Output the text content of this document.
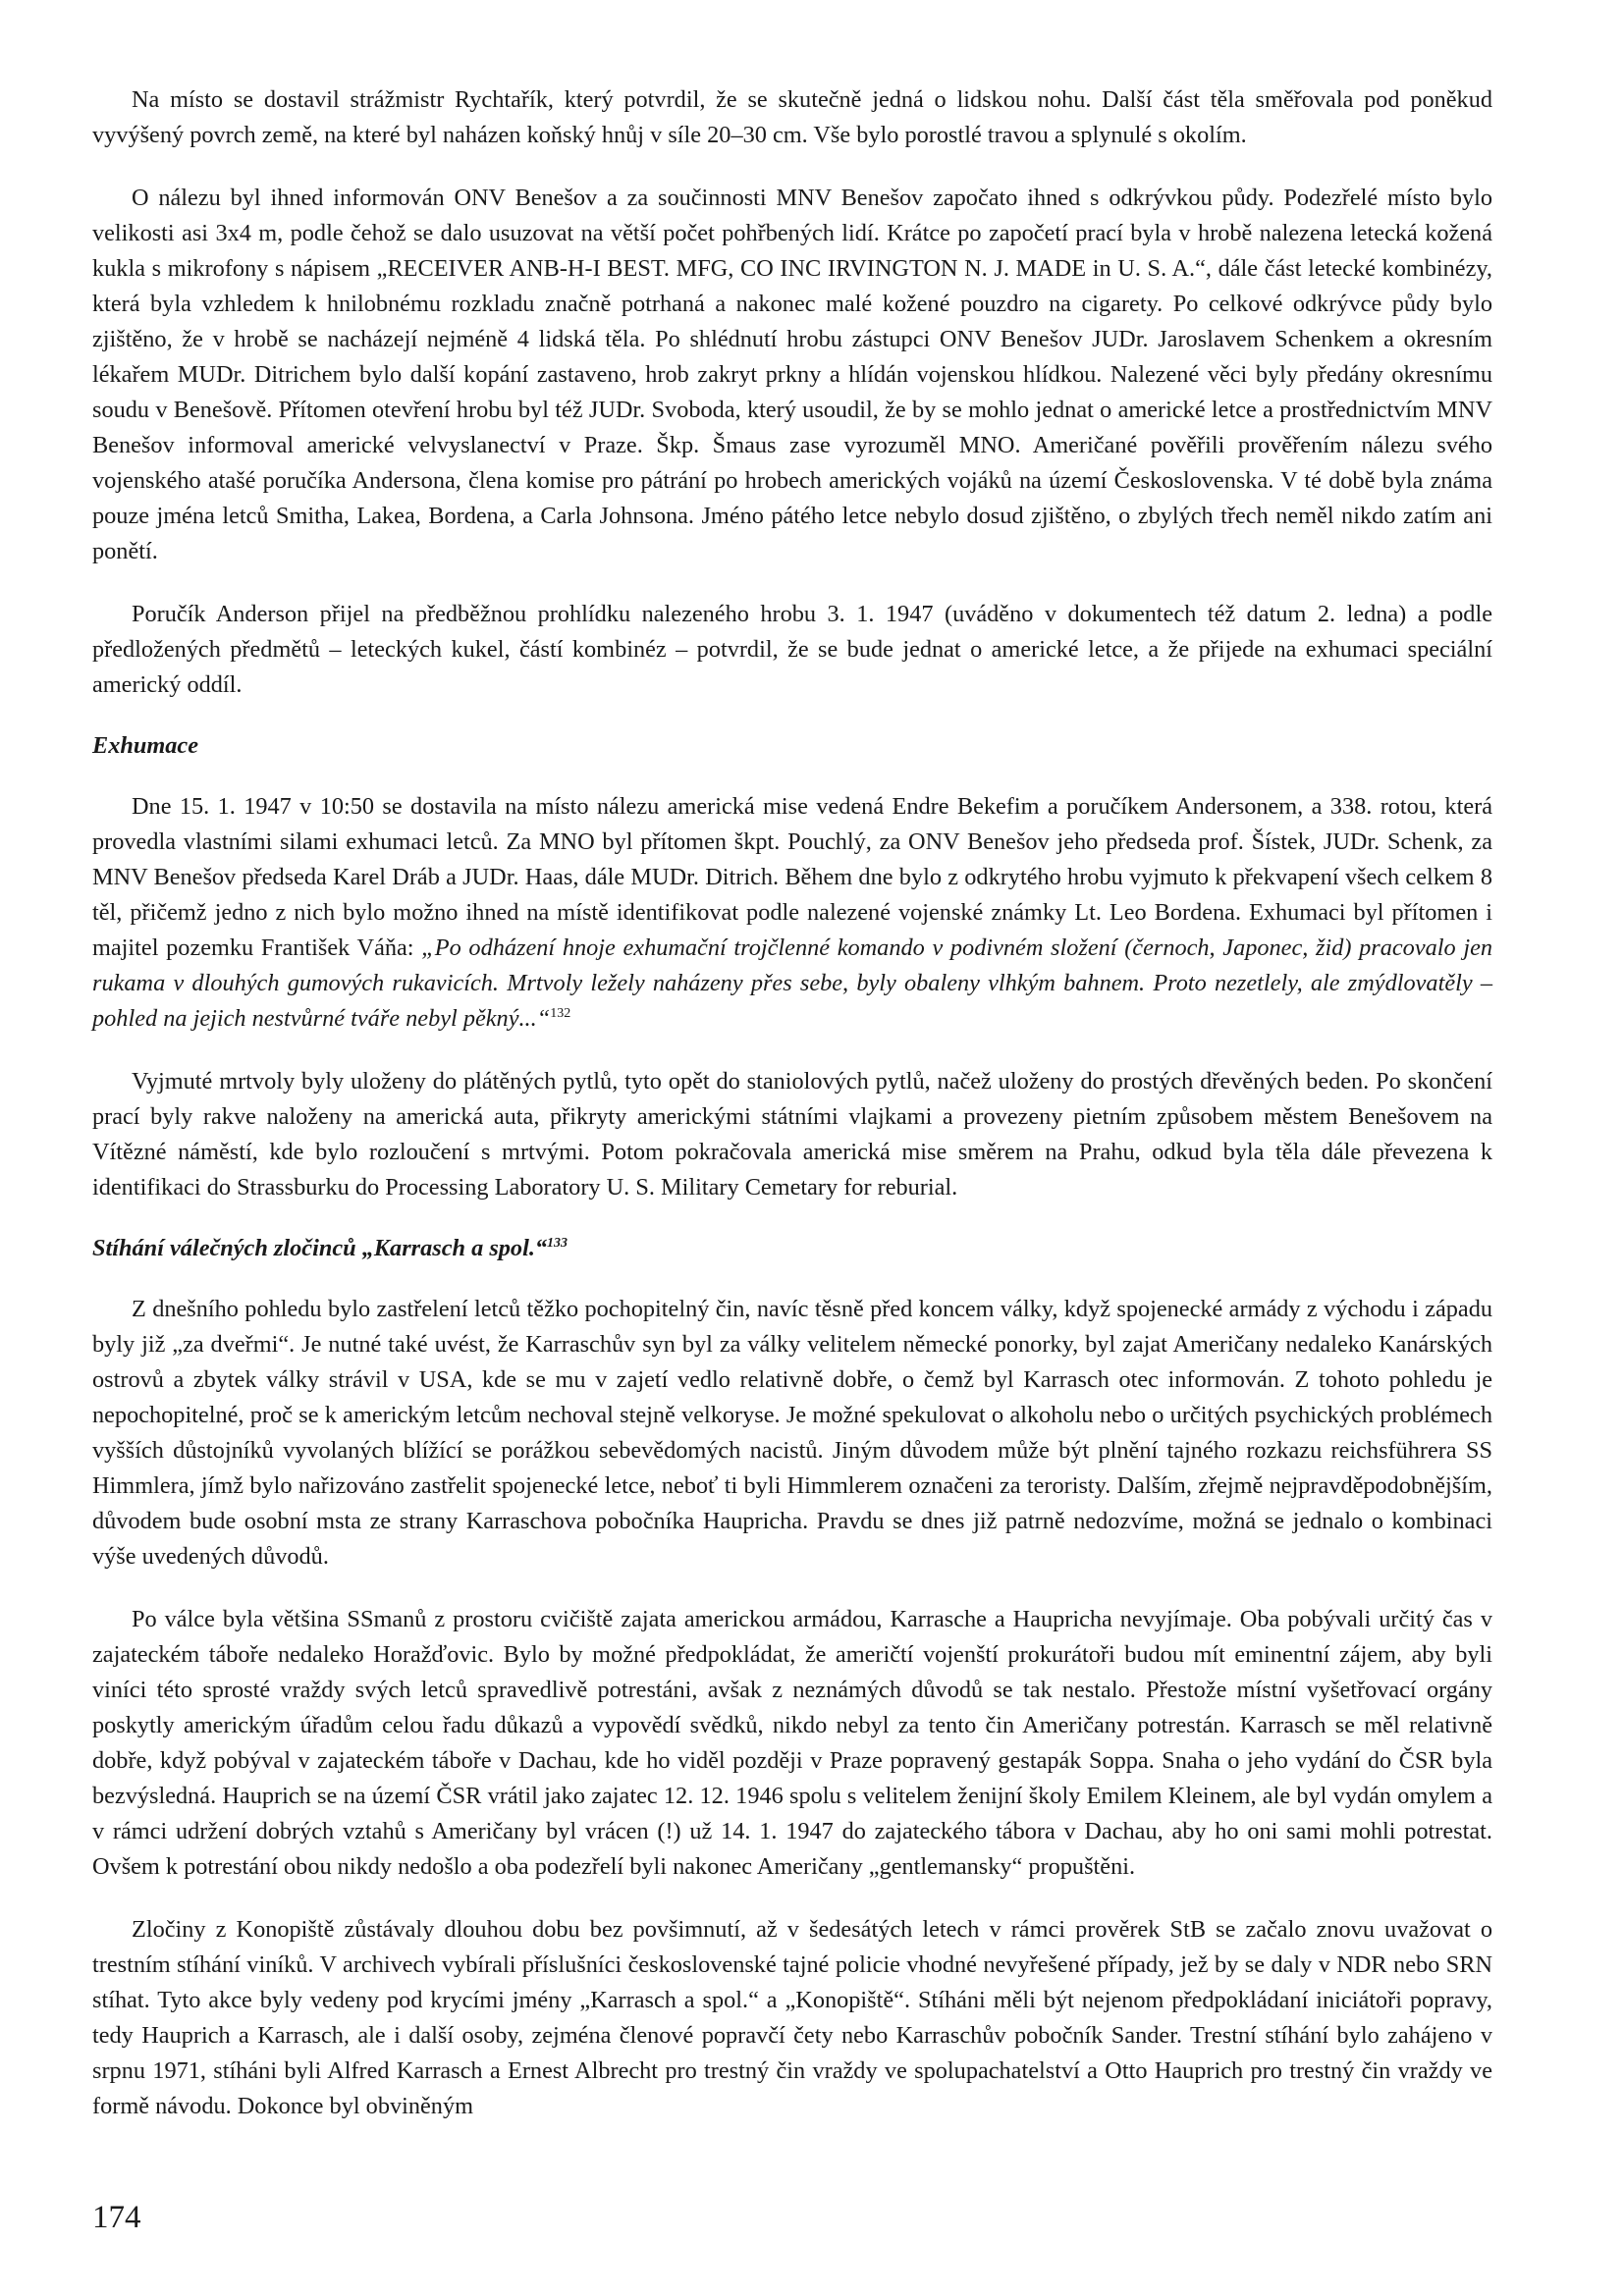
Na místo se dostavil strážmistr Rychtařík, který potvrdil, že se skutečně jedná o lidskou nohu. Další část těla směřovala pod poněkud vyvýšený povrch země, na které byl naházen koňský hnůj v síle 20–30 cm. Vše bylo porostlé travou a splynulé s okolím.

O nálezu byl ihned informován ONV Benešov a za součinnosti MNV Benešov započato ihned s odkrývkou půdy. Podezřelé místo bylo velikosti asi 3x4 m, podle čehož se dalo usuzovat na větší počet pohřbených lidí. Krátce po započetí prací byla v hrobě nalezena letecká kožená kukla s mikrofony s nápisem „RECEIVER ANB-H-I BEST. MFG, CO INC IRVINGTON N. J. MADE in U. S. A.“, dále část letecké kombinézy, která byla vzhledem k hnilobnému rozkladu značně potrhaná a nakonec malé kožené pouzdro na cigarety. Po celkové odkrývce půdy bylo zjištěno, že v hrobě se nacházejí nejméně 4 lidská těla. Po shlédnutí hrobu zástupci ONV Benešov JUDr. Jaroslavem Schenkem a okresním lékařem MUDr. Ditrichem bylo další kopání zastaveno, hrob zakryt prkny a hlídán vojenskou hlídkou. Nalezené věci byly předány okresnímu soudu v Benešově. Přítomen otevření hrobu byl též JUDr. Svoboda, který usoudil, že by se mohlo jednat o americké letce a prostřednictvím MNV Benešov informoval americké velvyslanectví v Praze. Škp. Šmaus zase vyrozuměl MNO. Američané pověřili prověřením nálezu svého vojenského atašé poručíka Andersona, člena komise pro pátrání po hrobech amerických vojáků na území Československa. V té době byla známa pouze jména letců Smitha, Lakea, Bordena, a Carla Johnsona. Jméno pátého letce nebylo dosud zjištěno, o zbylých třech neměl nikdo zatím ani ponětí.

Poručík Anderson přijel na předběžnou prohlídku nalezeného hrobu 3. 1. 1947 (uváděno v dokumentech též datum 2. ledna) a podle předložených předmětů – leteckých kukel, částí kombinéz – potvrdil, že se bude jednat o americké letce, a že přijede na exhumaci speciální americký oddíl.

Exhumace

Dne 15. 1. 1947 v 10:50 se dostavila na místo nálezu americká mise vedená Endre Bekefim a poručíkem Andersonem, a 338. rotou, která provedla vlastními silami exhumaci letců. Za MNO byl přítomen škpt. Pouchlý, za ONV Benešov jeho předseda prof. Šístek, JUDr. Schenk, za MNV Benešov předseda Karel Dráb a JUDr. Haas, dále MUDr. Ditrich. Během dne bylo z odkrytého hrobu vyjmuto k překvapení všech celkem 8 těl, přičemž jedno z nich bylo možno ihned na místě identifikovat podle nalezené vojenské známky Lt. Leo Bordena. Exhumaci byl přítomen i majitel pozemku František Váňa: „Po odházení hnoje exhumační trojčlenné komando v podivném složení (černoch, Japonec, žid) pracovalo jen rukama v dlouhých gumových rukavicích. Mrtvoly ležely naházeny přes sebe, byly obaleny vlhkým bahnem. Proto nezetlely, ale zmýdlovatěly – pohled na jejich nestvůrné tváře nebyl pěkný...“$^{132}$

Vyjmuté mrtvoly byly uloženy do plátěných pytlů, tyto opět do staniolových pytlů, načež uloženy do prostých dřevěných beden. Po skončení prací byly rakve naloženy na americká auta, přikryty americkými státními vlajkami a provezeny pietním způsobem městem Benešovem na Vítězné náměstí, kde bylo rozloučení s mrtvými. Potom pokračovala americká mise směrem na Prahu, odkud byla těla dále převezena k identifikaci do Strassburku do Processing Laboratory U. S. Military Cemetary for reburial.

Stíhání válečných zločinců „Karrasch a spol.“$^{133}$

Z dnešního pohledu bylo zastřelení letců těžko pochopitelný čin, navíc těsně před koncem války, když spojenecké armády z východu i západu byly již „za dveřmi“. Je nutné také uvést, že Karraschův syn byl za války velitelem německé ponorky, byl zajat Američany nedaleko Kanárských ostrovů a zbytek války strávil v USA, kde se mu v zajetí vedlo relativně dobře, o čemž byl Karrasch otec informován. Z tohoto pohledu je nepochopitelné, proč se k americkým letcům nechoval stejně velkoryse. Je možné spekulovat o alkoholu nebo o určitých psychických problémech vyšších důstojníků vyvolaných blížící se porážkou sebevědomých nacistů. Jiným důvodem může být plnění tajného rozkazu reichsführera SS Himmlera, jímž bylo nařizováno zastřelit spojenecké letce, neboť ti byli Himmlerem označeni za teroristy. Dalším, zřejmě nejpravděpodobnějším, důvodem bude osobní msta ze strany Karraschova pobočníka Haupricha. Pravdu se dnes již patrně nedozvíme, možná se jednalo o kombinaci výše uvedených důvodů.

Po válce byla většina SSmanů z prostoru cvičiště zajata americkou armádou, Karrasche a Haupricha nevyjímaje. Oba pobývali určitý čas v zajateckém táboře nedaleko Horažďovic. Bylo by možné předpokládat, že američtí vojenští prokurátoři budou mít eminentní zájem, aby byli viníci této sprosté vraždy svých letců spravedlivě potrestáni, avšak z neznámých důvodů se tak nestalo. Přestože místní vyšetřovací orgány poskytly americkým úřadům celou řadu důkazů a vypovědí svědků, nikdo nebyl za tento čin Američany potrestán. Karrasch se měl relativně dobře, když pobýval v zajateckém táboře v Dachau, kde ho viděl později v Praze popravený gestapák Soppa. Snaha o jeho vydání do ČSR byla bezvýsledná. Hauprich se na území ČSR vrátil jako zajatec 12. 12. 1946 spolu s velitelem ženijní školy Emilem Kleinem, ale byl vydán omylem a v rámci udržení dobrých vztahů s Američany byl vrácen (!) už 14. 1. 1947 do zajateckého tábora v Dachau, aby ho oni sami mohli potrestat. Ovšem k potrestání obou nikdy nedošlo a oba podezřelí byli nakonec Američany „gentlemansky“ propuštěni.

Zločiny z Konopiště zůstávaly dlouhou dobu bez povšimnutí, až v šedesátých letech v rámci prověrek StB se začalo znovu uvažovat o trestním stíhání viníků. V archivech vybírali příslušníci československé tajné policie vhodné nevyřešené případy, jež by se daly v NDR nebo SRN stíhat. Tyto akce byly vedeny pod krycími jmény „Karrasch a spol.“ a „Konopiště“. Stíháni měli být nejenom předpokládaní iniciátoři popravy, tedy Hauprich a Karrasch, ale i další osoby, zejména členové popravčí čety nebo Karraschův pobočník Sander. Trestní stíhání bylo zahájeno v srpnu 1971, stíháni byli Alfred Karrasch a Ernest Albrecht pro trestný čin vraždy ve spolupachatelství a Otto Hauprich pro trestný čin vraždy ve formě návodu. Dokonce byl obviněným

174
